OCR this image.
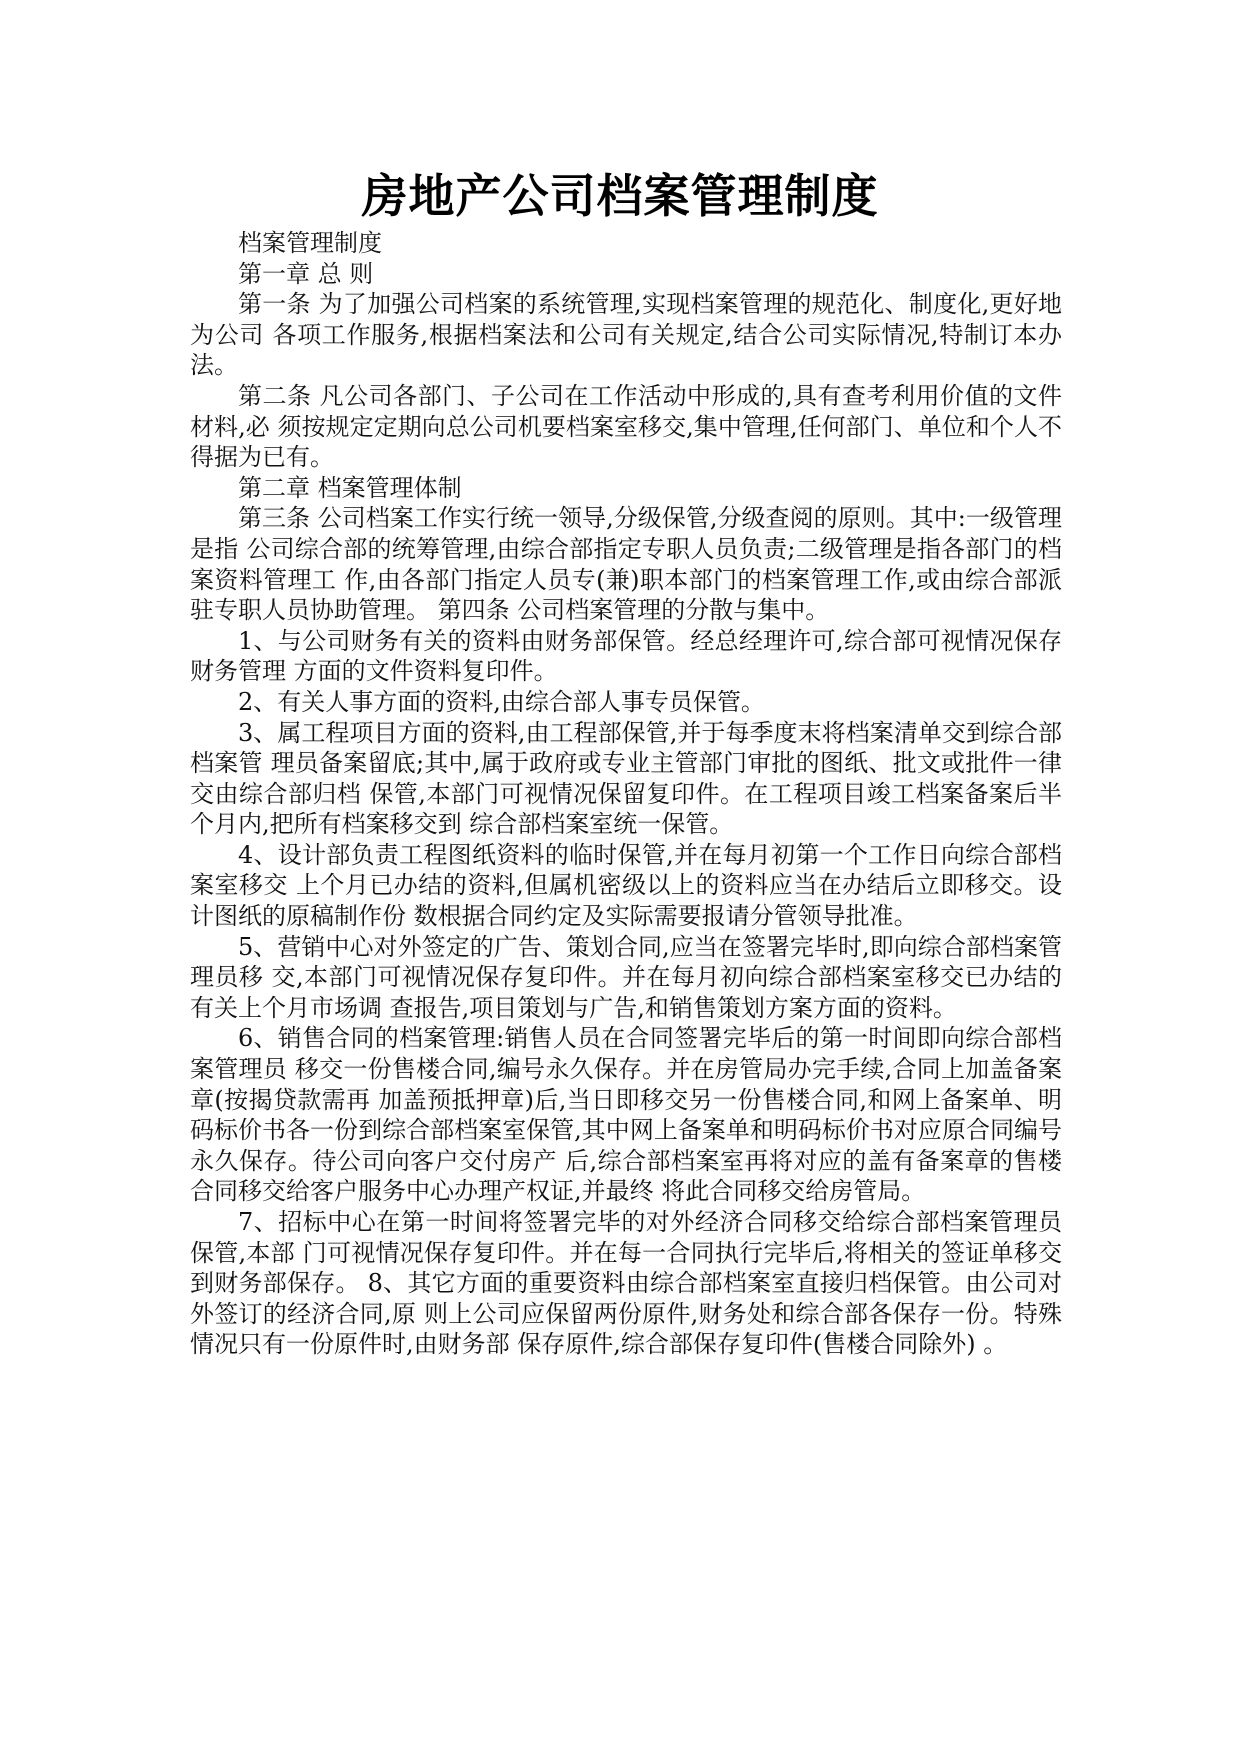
房地产公司档案管理制度

档案管理制度

第一章 总 则

第一条 为了加强公司档案的系统管理,实现档案管理的规范化、制度化,更好地为公司 各项工作服务,根据档案法和公司有关规定,结合公司实际情况,特制订本办法。

第二条 凡公司各部门、子公司在工作活动中形成的,具有查考利用价值的文件材料,必 须按规定定期向总公司机要档案室移交,集中管理,任何部门、单位和个人不得据为已有。

第二章 档案管理体制

第三条 公司档案工作实行统一领导,分级保管,分级查阅的原则。其中:一级管理是指 公司综合部的统筹管理,由综合部指定专职人员负责;二级管理是指各部门的档案资料管理工 作,由各部门指定人员专(兼)职本部门的档案管理工作,或由综合部派驻专职人员协助管理。 第四条 公司档案管理的分散与集中。

1、与公司财务有关的资料由财务部保管。经总经理许可,综合部可视情况保存财务管理 方面的文件资料复印件。

2、有关人事方面的资料,由综合部人事专员保管。

3、属工程项目方面的资料,由工程部保管,并于每季度末将档案清单交到综合部档案管 理员备案留底;其中,属于政府或专业主管部门审批的图纸、批文或批件一律交由综合部归档 保管,本部门可视情况保留复印件。在工程项目竣工档案备案后半个月内,把所有档案移交到 综合部档案室统一保管。

4、设计部负责工程图纸资料的临时保管,并在每月初第一个工作日向综合部档案室移交 上个月已办结的资料,但属机密级以上的资料应当在办结后立即移交。设计图纸的原稿制作份 数根据合同约定及实际需要报请分管领导批准。

5、营销中心对外签定的广告、策划合同,应当在签署完毕时,即向综合部档案管理员移 交,本部门可视情况保存复印件。并在每月初向综合部档案室移交已办结的有关上个月市场调 查报告,项目策划与广告,和销售策划方案方面的资料。

6、销售合同的档案管理:销售人员在合同签署完毕后的第一时间即向综合部档案管理员 移交一份售楼合同,编号永久保存。并在房管局办完手续,合同上加盖备案章(按揭贷款需再 加盖预抵押章)后,当日即移交另一份售楼合同,和网上备案单、明码标价书各一份到综合部档案室保管,其中网上备案单和明码标价书对应原合同编号永久保存。待公司向客户交付房产 后,综合部档案室再将对应的盖有备案章的售楼合同移交给客户服务中心办理产权证,并最终 将此合同移交给房管局。

7、招标中心在第一时间将签署完毕的对外经济合同移交给综合部档案管理员保管,本部 门可视情况保存复印件。并在每一合同执行完毕后,将相关的签证单移交到财务部保存。 8、其它方面的重要资料由综合部档案室直接归档保管。由公司对外签订的经济合同,原 则上公司应保留两份原件,财务处和综合部各保存一份。特殊情况只有一份原件时,由财务部 保存原件,综合部保存复印件(售楼合同除外) 。
